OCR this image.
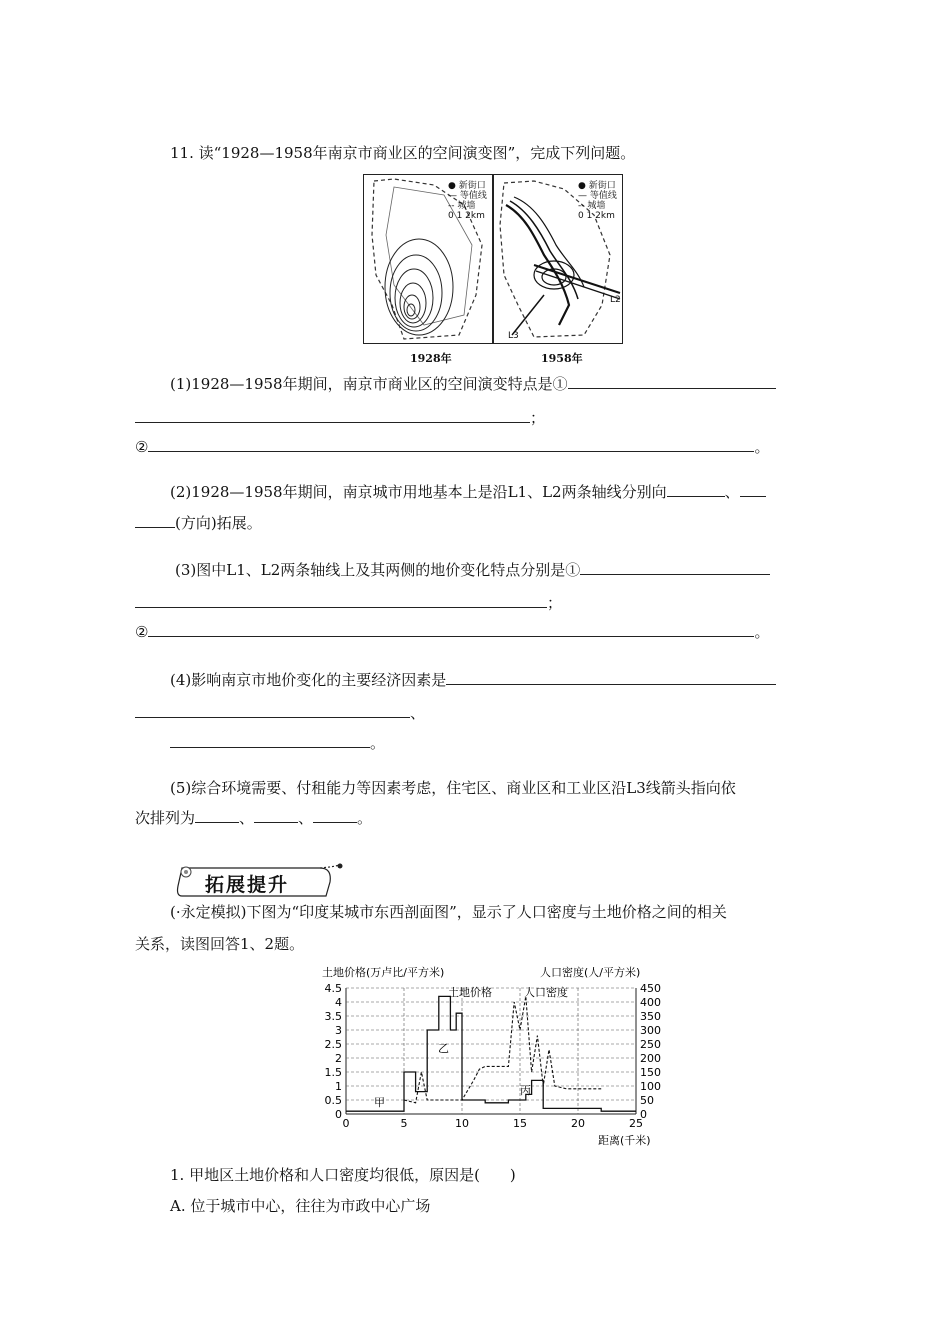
11. 读“1928—1958年南京市商业区的空间演变图”，完成下列问题。
● 新街口
— 等值线
-- 城墙
0 1 2km
1928年
● 新街口
— 等值线
-- 城墙
0 1 2km
L2
L3
1958年
(1)1928—1958年期间，南京市商业区的空间演变特点是①
；
②	。
(2)1928—1958年期间，南京城市用地基本上是沿L1、L2两条轴线分别向	、
(方向)拓展。
(3)图中L1、L2两条轴线上及其两侧的地价变化特点分别是①
；
②	。
(4)影响南京市地价变化的主要经济因素是
、
。
(5)综合环境需要、付租能力等因素考虑，住宅区、商业区和工业区沿L3线箭头指向依
次排列为	、	、	。
拓展提升
(·永定模拟)下图为“印度某城市东西剖面图”，显示了人口密度与土地价格之间的相关
关系，读图回答1、2题。
土地价格(万卢比/平方米)	人口密度(人/平方米)
距离(千米)
0
0.5
1
1.5
2
2.5
3
3.5
4
4.5
0
50
100
150
200
250
300
350
400
450
0	5	10	15	20	25
甲
乙
丙
土地价格	人口密度
1. 甲地区土地价格和人口密度均很低，原因是(　　)
A. 位于城市中心，往往为市政中心广场
